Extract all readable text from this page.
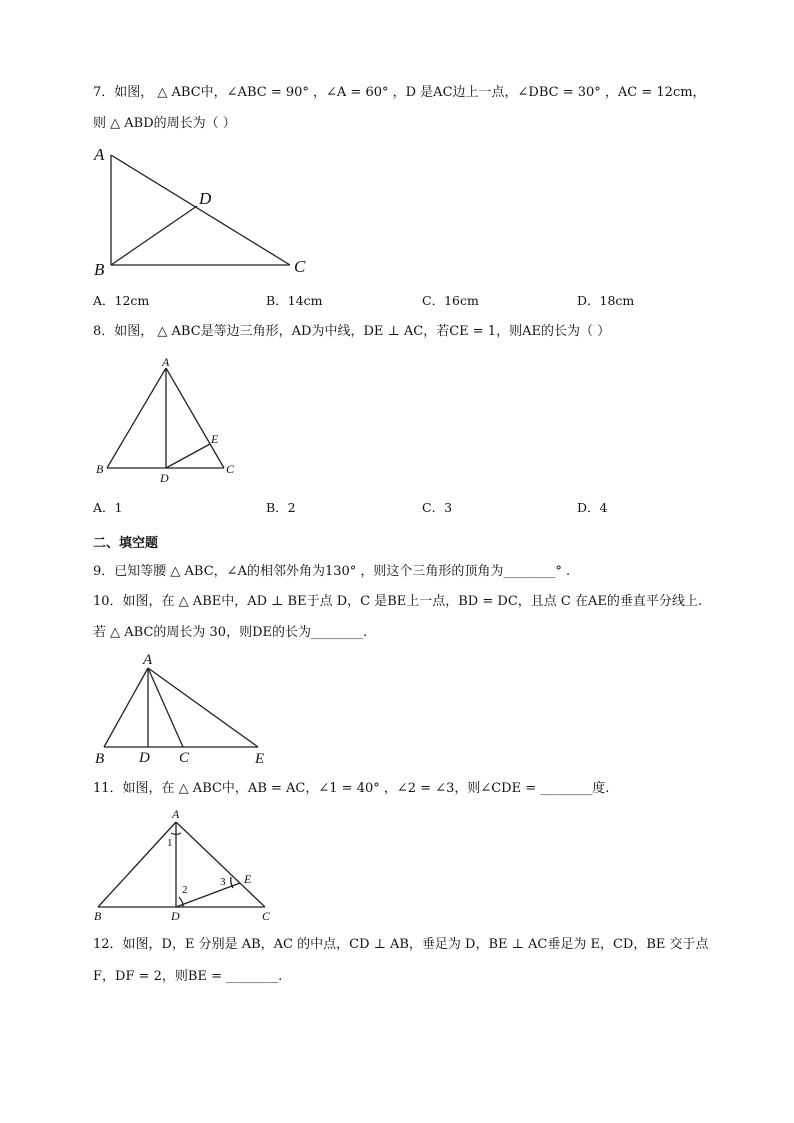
7．如图， △ ABC中，∠ABC = 90° ，∠A = 60° ，D 是AC边上一点，∠DBC = 30° ，AC = 12cm，
则 △ ABD的周长为（ ）
A
B	C
D
A．12cm	B．14cm	C．16cm	D．18cm
8．如图， △ ABC是等边三角形，AD为中线，DE ⊥ AC，若CE = 1，则AE的长为（ ）
A
B	C
D
E
A．1	B．2	C．3	D．4
二、填空题
9．已知等腰 △ ABC，∠A的相邻外角为130° ，则这个三角形的顶角为________° .
10．如图，在 △ ABE中，AD ⊥ BE于点 D，C 是BE上一点，BD = DC，且点 C 在AE的垂直平分线上.
若 △ ABC的周长为 30，则DE的长为________.
A
B D C	E
11．如图，在 △ ABC中，AB = AC，∠1 = 40° ，∠2 = ∠3，则∠CDE = ________度.
A
B	C
D
E
1
2
3
12．如图，D，E 分别是 AB，AC 的中点，CD ⊥ AB，垂足为 D，BE ⊥ AC垂足为 E，CD，BE 交于点
F，DF = 2，则BE = ________.
